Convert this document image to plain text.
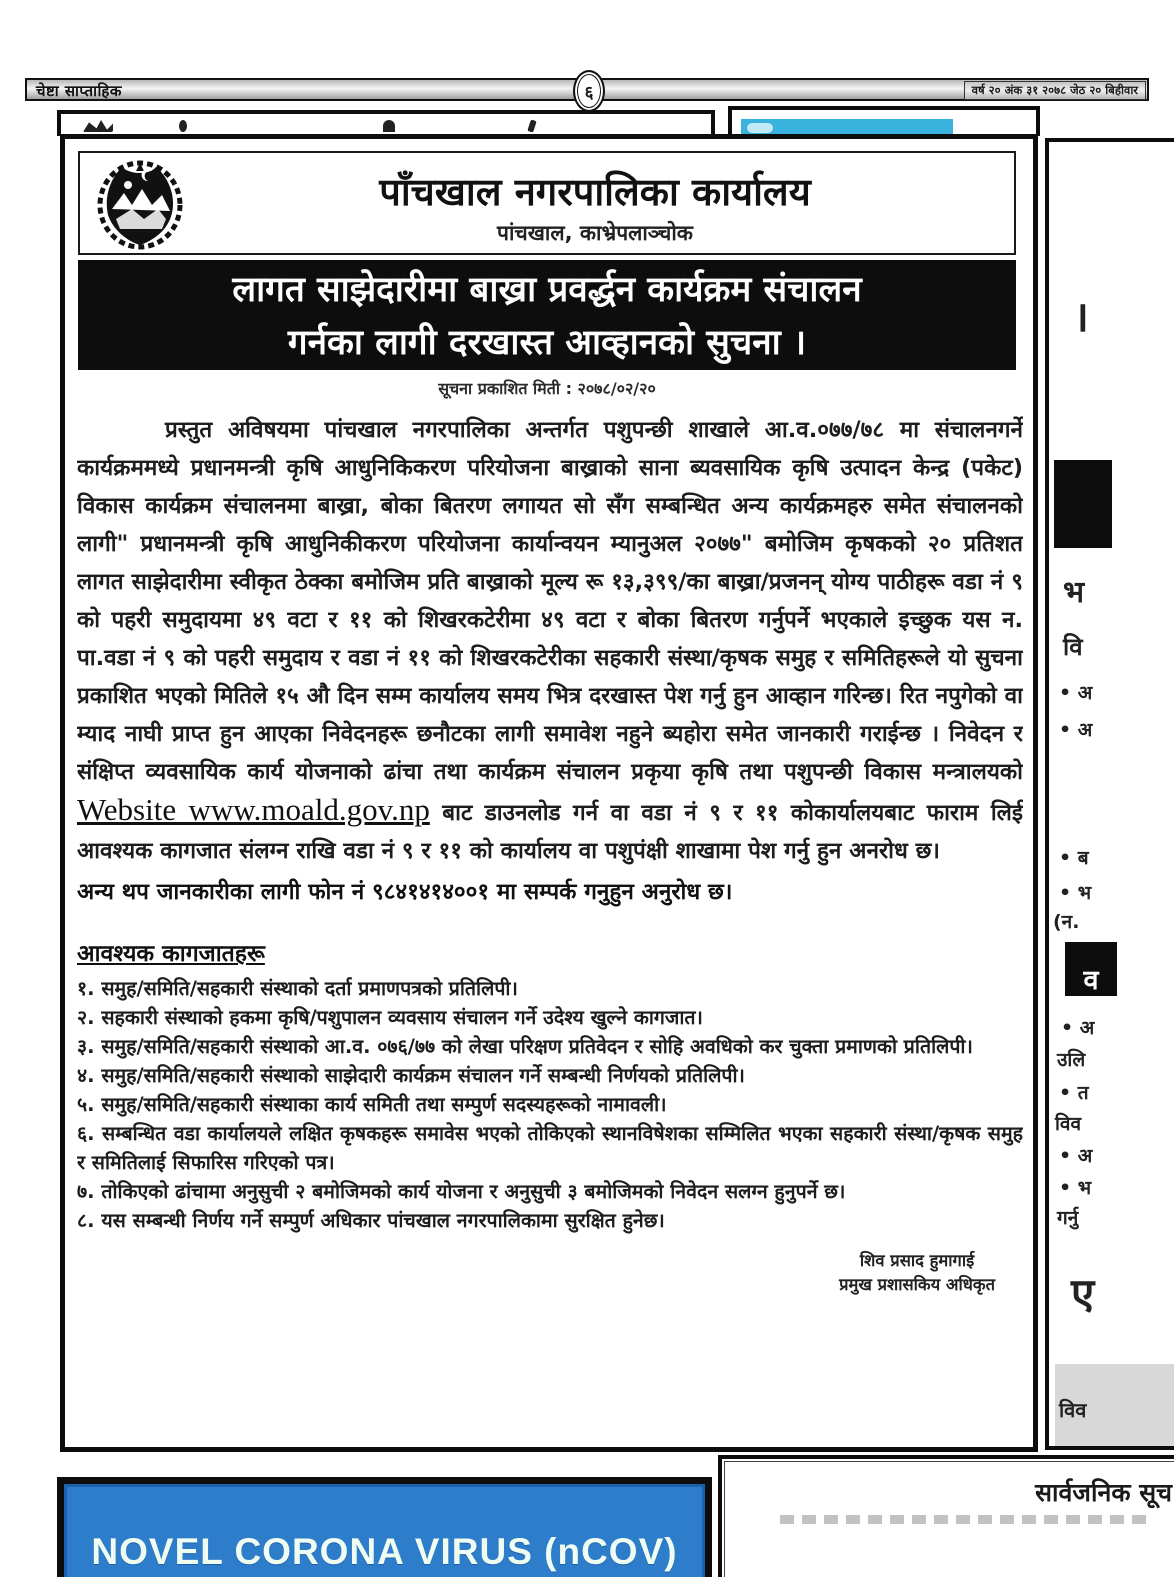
चेष्टा साप्ताहिक	६	वर्ष २० अंक ३१ २०७८ जेठ २० बिहीवार
पाँचखाल नगरपालिका कार्यालय
पांचखाल, काभ्रेपलाञ्चोक
लागत साझेदारीमा बाख्रा प्रवर्द्धन कार्यक्रम संचालन
गर्नका लागी दरखास्त आव्हानको सुचना ।
सूचना प्रकाशित मिती : २०७८/०२/२०

प्रस्तुत अविषयमा पांचखाल नगरपालिका अन्तर्गत पशुपन्छी शाखाले आ.व.०७७/७८ मा संचालनगर्ने कार्यक्रममध्ये प्रधानमन्त्री कृषि आधुनिकिकरण परियोजना बाख्राको साना ब्यवसायिक कृषि उत्पादन केन्द्र (पकेट) विकास कार्यक्रम संचालनमा बाख्रा, बोका बितरण लगायत सो सँग सम्बन्धित अन्य कार्यक्रमहरु समेत संचालनको लागी" प्रधानमन्त्री कृषि आधुनिकीकरण परियोजना कार्यान्वयन म्यानुअल २०७७" बमोजिम कृषकको २० प्रतिशत लागत साझेदारीमा स्वीकृत ठेक्का बमोजिम प्रति बाख्राको मूल्य रू १३,३९९/का बाख्रा/प्रजनन् योग्य पाठीहरू वडा नं ९ को पहरी समुदायमा ४९ वटा र ११ को शिखरकटेरीमा ४९ वटा र बोका बितरण गर्नुपर्ने भएकाले इच्छुक यस न. पा.वडा नं ९ को पहरी समुदाय र वडा नं ११ को शिखरकटेरीका सहकारी संस्था/कृषक समुह र समितिहरूले यो सुचना प्रकाशित भएको मितिले १५ औ दिन सम्म कार्यालय समय भित्र दरखास्त पेश गर्नु हुन आव्हान गरिन्छ। रित नपुगेको वा म्याद नाघी प्राप्त हुन आएका निवेदनहरू छनौटका लागी समावेश नहुने ब्यहोरा समेत जानकारी गराईन्छ । निवेदन र संक्षिप्त व्यवसायिक कार्य योजनाको ढांचा तथा कार्यक्रम संचालन प्रकृया कृषि तथा पशुपन्छी विकास मन्त्रालयको Website www.moald.gov.np बाट डाउनलोड गर्न वा वडा नं ९ र ११ कोकार्यालयबाट फाराम लिई आवश्यक कागजात संलग्न राखि वडा नं ९ र ११ को कार्यालय वा पशुपंक्षी शाखामा पेश गर्नु हुन अनरोध छ।

अन्य थप जानकारीका लागी फोन नं ९८४१४१४००१ मा सम्पर्क गनुहुन अनुरोध छ।

आवश्यक कागजातहरू
१. समुह/समिति/सहकारी संस्थाको दर्ता प्रमाणपत्रको प्रतिलिपी।
२. सहकारी संस्थाको हकमा कृषि/पशुपालन व्यवसाय संचालन गर्ने उदेश्य खुल्ने कागजात।
३. समुह/समिति/सहकारी संस्थाको आ.व. ०७६/७७ को लेखा परिक्षण प्रतिवेदन र सोहि अवधिको कर चुक्ता प्रमाणको प्रतिलिपी।
४. समुह/समिति/सहकारी संस्थाको साझेदारी कार्यक्रम संचालन गर्ने सम्बन्धी निर्णयको प्रतिलिपी।
५. समुह/समिति/सहकारी संस्थाका कार्य समिती तथा सम्पुर्ण सदस्यहरूको नामावली।
६. सम्बन्धित वडा कार्यालयले लक्षित कृषकहरू समावेस भएको तोकिएको स्थानविषेशका सम्मिलित भएका सहकारी संस्था/कृषक समुह र समितिलाई सिफारिस गरिएको पत्र।
७. तोकिएको ढांचामा अनुसुची २ बमोजिमको कार्य योजना र अनुसुची ३ बमोजिमको निवेदन सलग्न हुनुपर्ने छ।
८. यस सम्बन्धी निर्णय गर्ने सम्पुर्ण अधिकार पांचखाल नगरपालिकामा सुरक्षित हुनेछ।
शिव प्रसाद हुमागाई
प्रमुख प्रशासकिय अधिकृत
।
भ
वि
• अ
• अ
• ब
• भ
(न.
व
• अ
उलि
• त
विव
• अ
• भ
गर्नु
ए
विव
NOVEL CORONA VIRUS (nCOV)
सार्वजनिक सूच
